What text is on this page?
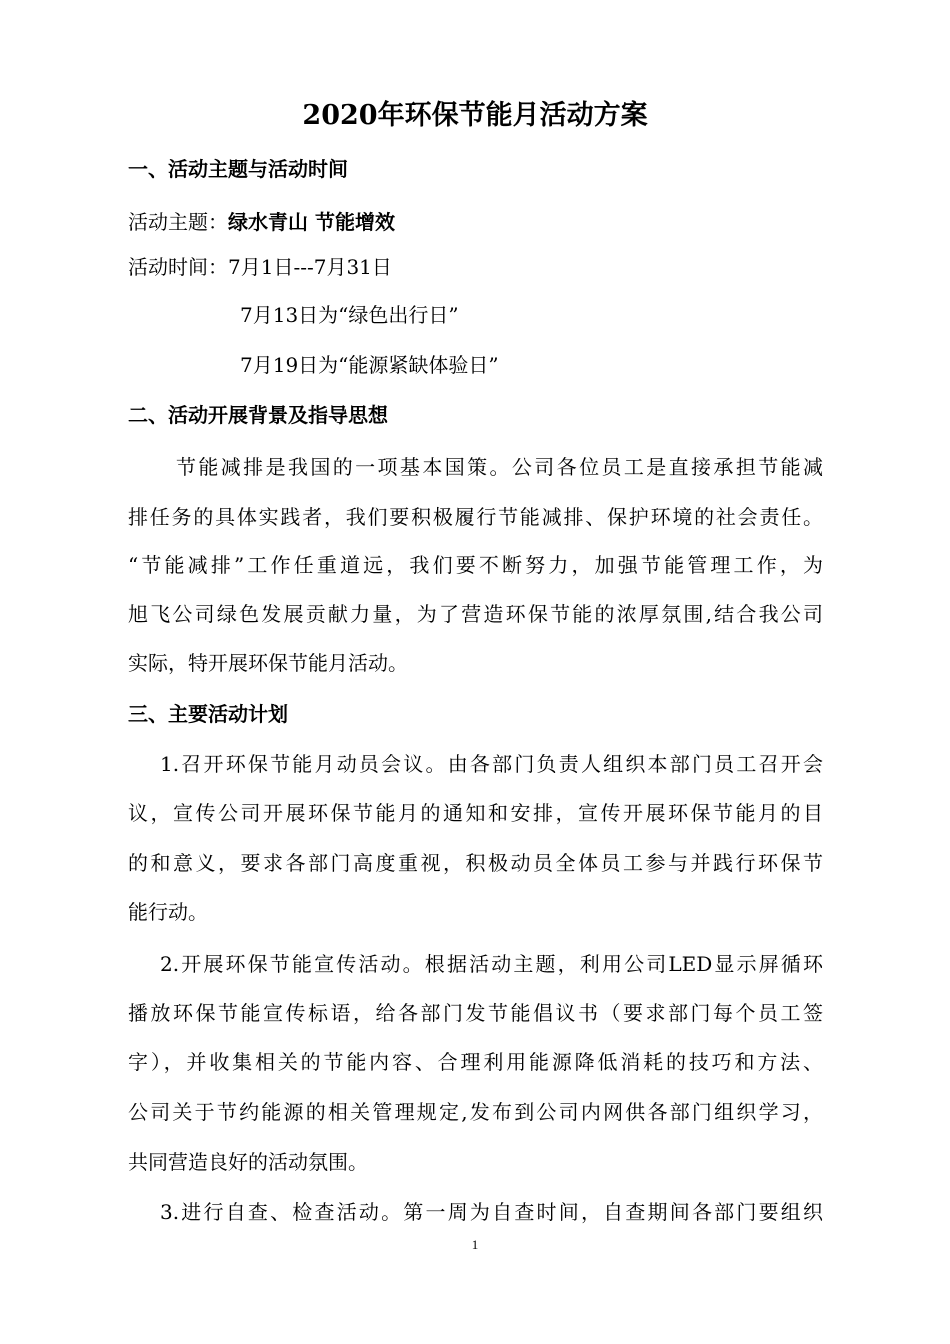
2020年环保节能月活动方案
一、活动主题与活动时间
活动主题：绿水青山 节能增效
活动时间：7月1日---7月31日
7月13日为“绿色出行日”
7月19日为“能源紧缺体验日”
二、活动开展背景及指导思想
节能减排是我国的一项基本国策。公司各位员工是直接承担节能减
排任务的具体实践者，我们要积极履行节能减排、保护环境的社会责任。
“节能减排”工作任重道远，我们要不断努力，加强节能管理工作，为
旭飞公司绿色发展贡献力量，为了营造环保节能的浓厚氛围,结合我公司
实际，特开展环保节能月活动。
三、主要活动计划
1.召开环保节能月动员会议。由各部门负责人组织本部门员工召开会
议，宣传公司开展环保节能月的通知和安排，宣传开展环保节能月的目
的和意义，要求各部门高度重视，积极动员全体员工参与并践行环保节
能行动。
2.开展环保节能宣传活动。根据活动主题，利用公司LED显示屏循环
播放环保节能宣传标语，给各部门发节能倡议书（要求部门每个员工签
字），并收集相关的节能内容、合理利用能源降低消耗的技巧和方法、
公司关于节约能源的相关管理规定,发布到公司内网供各部门组织学习，
共同营造良好的活动氛围。
3.进行自查、检查活动。第一周为自查时间，自查期间各部门要组织
1
